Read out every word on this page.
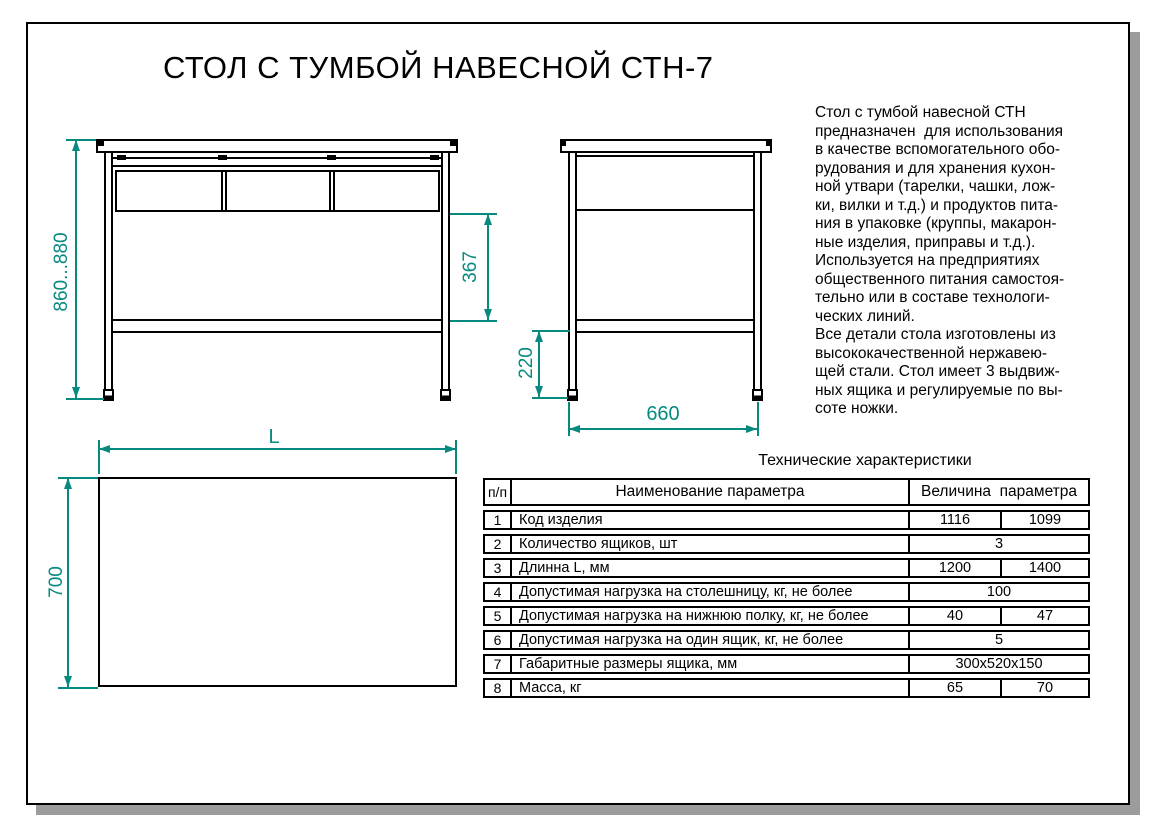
СТОЛ С ТУМБОЙ НАВЕСНОЙ СТН-7
860...880	367
220
660
L
700
Стол с тумбой навесной СТН
предназначен  для использования
в качестве вспомогательного обо-
рудования и для хранения кухон-
ной утвари (тарелки, чашки, лож-
ки, вилки и т.д.) и продуктов пита-
ния в упаковке (круппы, макарон-
ные изделия, приправы и т.д.).
Используется на предприятиях
общественного питания самостоя-
тельно или в составе технологи-
ческих линий.
Все детали стола изготовлены из
высококачественной нержавею-
щей стали. Стол имеет 3 выдвиж-
ных ящика и регулируемые по вы-
соте ножки.
Технические характеристики
п/п	Наименование параметра	Величина  параметра
1	Код изделия	1116	1099
2	Количество ящиков, шт	3
3	Длинна L, мм	1200	1400
4	Допустимая нагрузка на столешницу, кг, не более	100
5	Допустимая нагрузка на нижнюю полку, кг, не более	40	47
6	Допустимая нагрузка на один ящик, кг, не более	5
7	Габаритные размеры ящика, мм	300х520х150
8	Масса, кг	65	70
